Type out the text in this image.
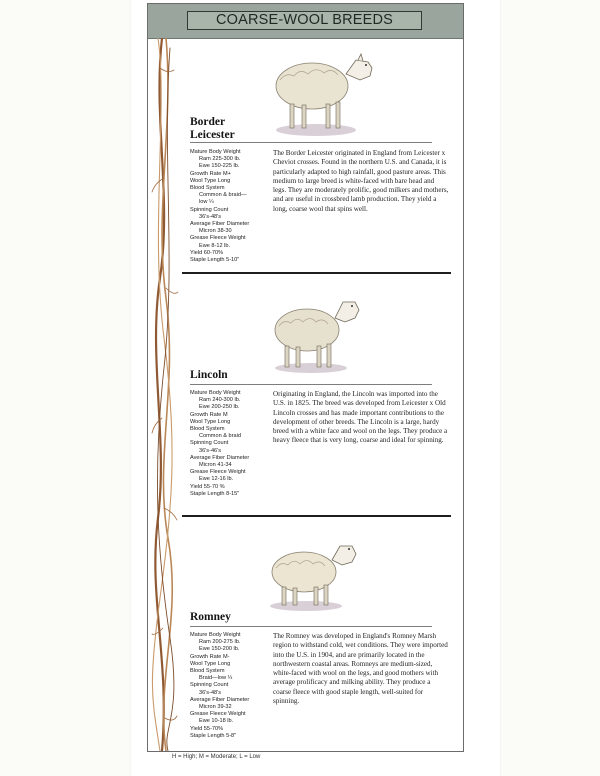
COARSE-WOOL BREEDS
Border
Leicester
Mature Body Weight
Ram 225-300 lb.
Ewe 150-225 lb.
Growth Rate M+
Wool Type Long
Blood System
Common & braid—
low ¼
Spinning Count
36's-48's
Average Fiber Diameter
Micron 38-30
Grease Fleece Weight
Ewe 8-12 lb.
Yield 60-70%
Staple Length 5-10"
The Border Leicester originated in England from Leicester x Cheviot crosses. Found in the northern U.S. and Canada, it is particularly adapted to high rainfall, good pasture areas. This medium to large breed is white-faced with bare head and legs. They are moderately prolific, good milkers and mothers, and are useful in crossbred lamb production. They yield a long, coarse wool that spins well.
Lincoln
Mature Body Weight
Ram 240-300 lb.
Ewe 200-250 lb.
Growth Rate M
Wool Type Long
Blood System
Common & braid
Spinning Count
36's-46's
Average Fiber Diameter
Micron 41-34
Grease Fleece Weight
Ewe 12-16 lb.
Yield 55-70 %
Staple Length 8-15"
Originating in England, the Lincoln was imported into the U.S. in 1825. The breed was developed from Leicester x Old Lincoln crosses and has made important contributions to the development of other breeds. The Lincoln is a large, hardy breed with a white face and wool on the legs. They produce a heavy fleece that is very long, coarse and ideal for spinning.
Romney
Mature Body Weight
Ram 200-275 lb.
Ewe 150-200 lb.
Growth Rate M-
Wool Type Long
Blood System
Braid—low ¼
Spinning Count
36's-48's
Average Fiber Diameter
Micron 39-32
Grease Fleece Weight
Ewe 10-18 lb.
Yield 55-70%
Staple Length 5-8"
The Romney was developed in England's Romney Marsh region to withstand cold, wet conditions. They were imported into the U.S. in 1904, and are primarily located in the northwestern coastal areas. Romneys are medium-sized, white-faced with wool on the legs, and good mothers with average prolificacy and milking ability. They produce a coarse fleece with good staple length, well-suited for spinning.
H = High; M = Moderate; L = Low
